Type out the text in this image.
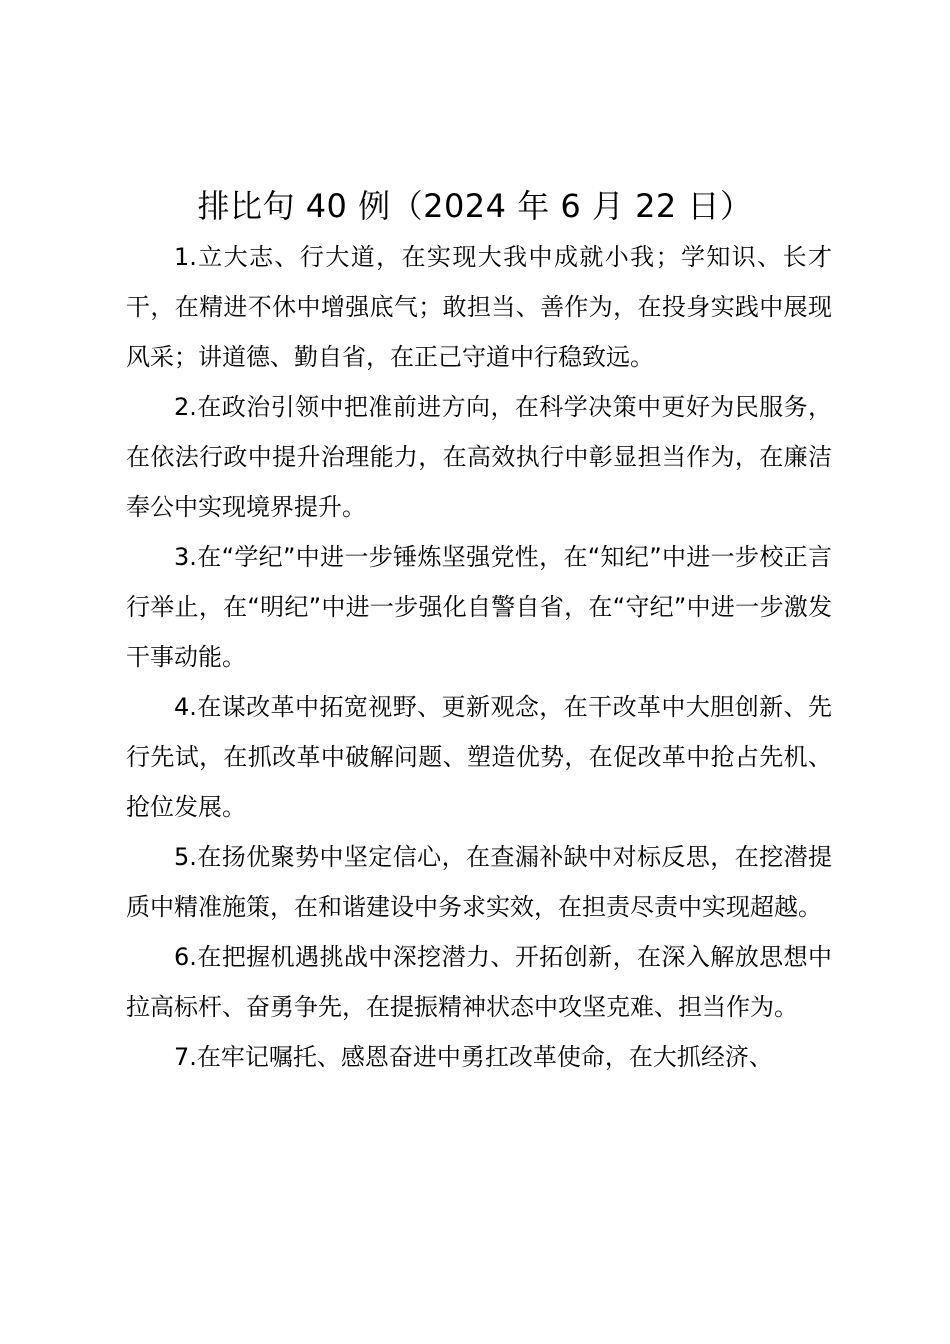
排比句 40 例（2024 年 6 月 22 日）

1.立大志、行大道，在实现大我中成就小我；学知识、长才干，在精进不休中增强底气；敢担当、善作为，在投身实践中展现风采；讲道德、勤自省，在正己守道中行稳致远。

2.在政治引领中把准前进方向，在科学决策中更好为民服务，在依法行政中提升治理能力，在高效执行中彰显担当作为，在廉洁奉公中实现境界提升。

3.在“学纪”中进一步锤炼坚强党性，在“知纪”中进一步校正言行举止，在“明纪”中进一步强化自警自省，在“守纪”中进一步激发干事动能。

4.在谋改革中拓宽视野、更新观念，在干改革中大胆创新、先行先试，在抓改革中破解问题、塑造优势，在促改革中抢占先机、抢位发展。

5.在扬优聚势中坚定信心，在查漏补缺中对标反思，在挖潜提质中精准施策，在和谐建设中务求实效，在担责尽责中实现超越。

6.在把握机遇挑战中深挖潜力、开拓创新，在深入解放思想中拉高标杆、奋勇争先，在提振精神状态中攻坚克难、担当作为。

7.在牢记嘱托、感恩奋进中勇扛改革使命，在大抓经济、
